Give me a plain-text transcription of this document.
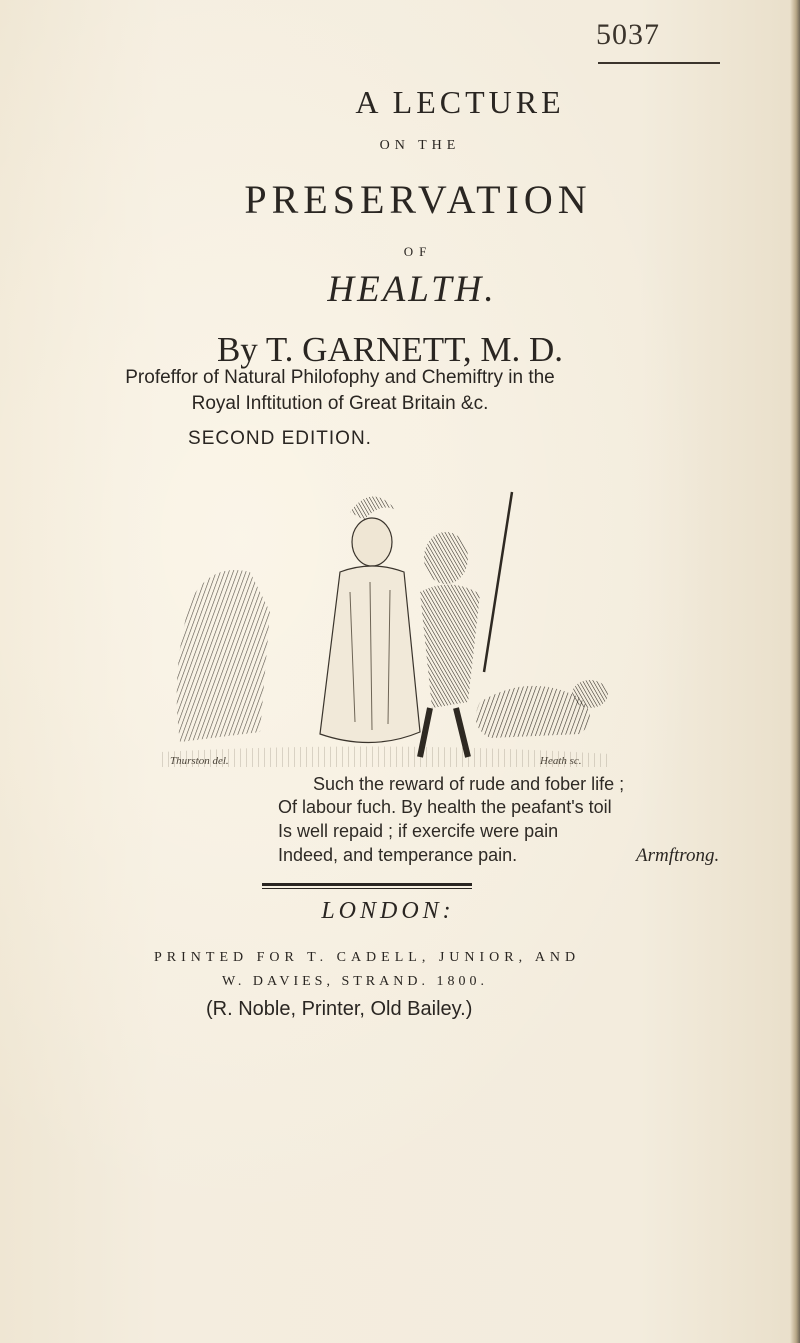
5037
A LECTURE
ON THE
PRESERVATION
OF
HEALTH.
By T. GARNETT, M. D.
Profeffor of Natural Philofophy and Chemiftry in the
Royal Inftitution of Great Britain &c.
SECOND EDITION.
Thurston del.	Heath sc.
Such the reward of rude and fober life ;
Of labour fuch. By health the peafant's toil
Is well repaid ; if exercife were pain
Indeed, and temperance pain.	Armftrong.
LONDON:
PRINTED FOR T. CADELL, JUNIOR, AND
W. DAVIES, STRAND. 1800.
(R. Noble, Printer, Old Bailey.)
